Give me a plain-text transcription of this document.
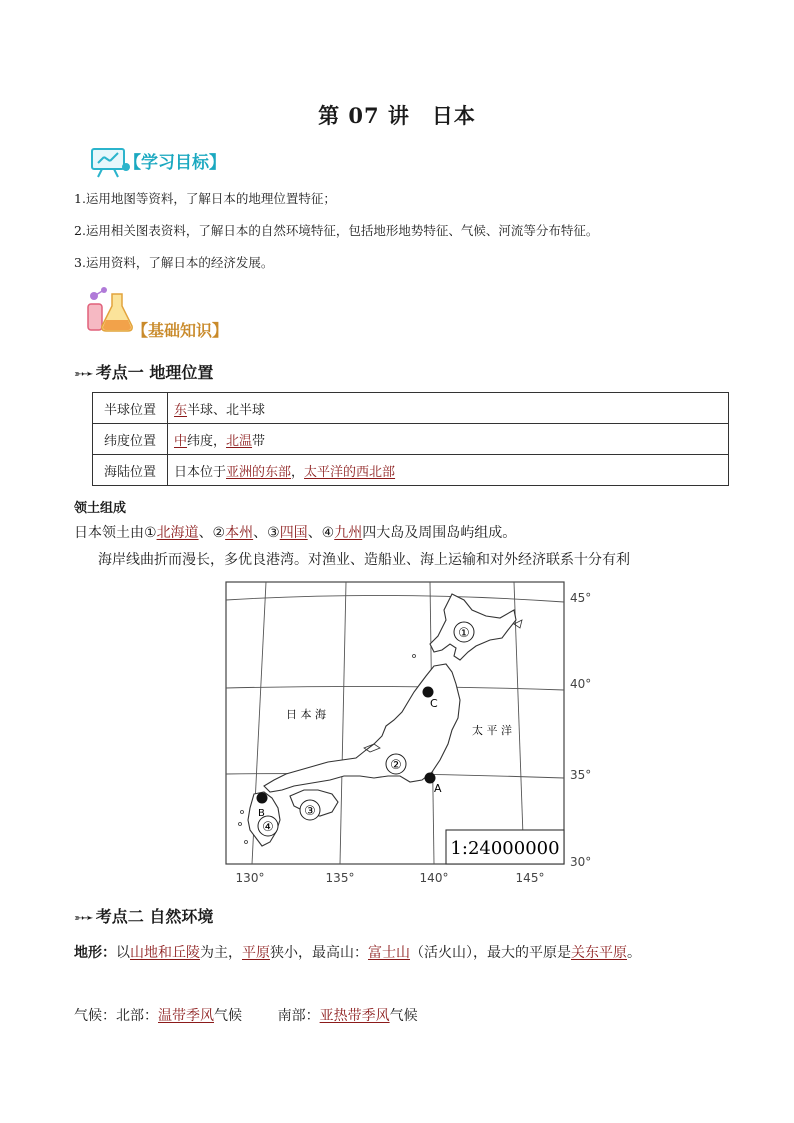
第 07 讲 日本
【学习目标】
1.运用地图等资料，了解日本的地理位置特征；
2.运用相关图表资料，了解日本的自然环境特征，包括地形地势特征、气候、河流等分布特征。
3.运用资料，了解日本的经济发展。
【基础知识】
➳➛ 考点一 地理位置
半球位置	东半球、北半球
纬度位置	中纬度，北温带
海陆位置	日本位于亚洲的东部，太平洋的西北部
领土组成
日本领土由①北海道、②本州、③四国、④九州四大岛及周围岛屿组成。
海岸线曲折而漫长，多优良港湾。对渔业、造船业、海上运输和对外经济联系十分有利
日 本 海
太 平 洋
①
②
③
④
A
B
C
1:24000000
45°
40°
35°
30°
130°	135°	140°	145°
➳➛ 考点二 自然环境
地形：以山地和丘陵为主，平原狭小，最高山：富士山（活火山），最大的平原是关东平原。
气候：北部：温带季风气候        南部：亚热带季风气候
